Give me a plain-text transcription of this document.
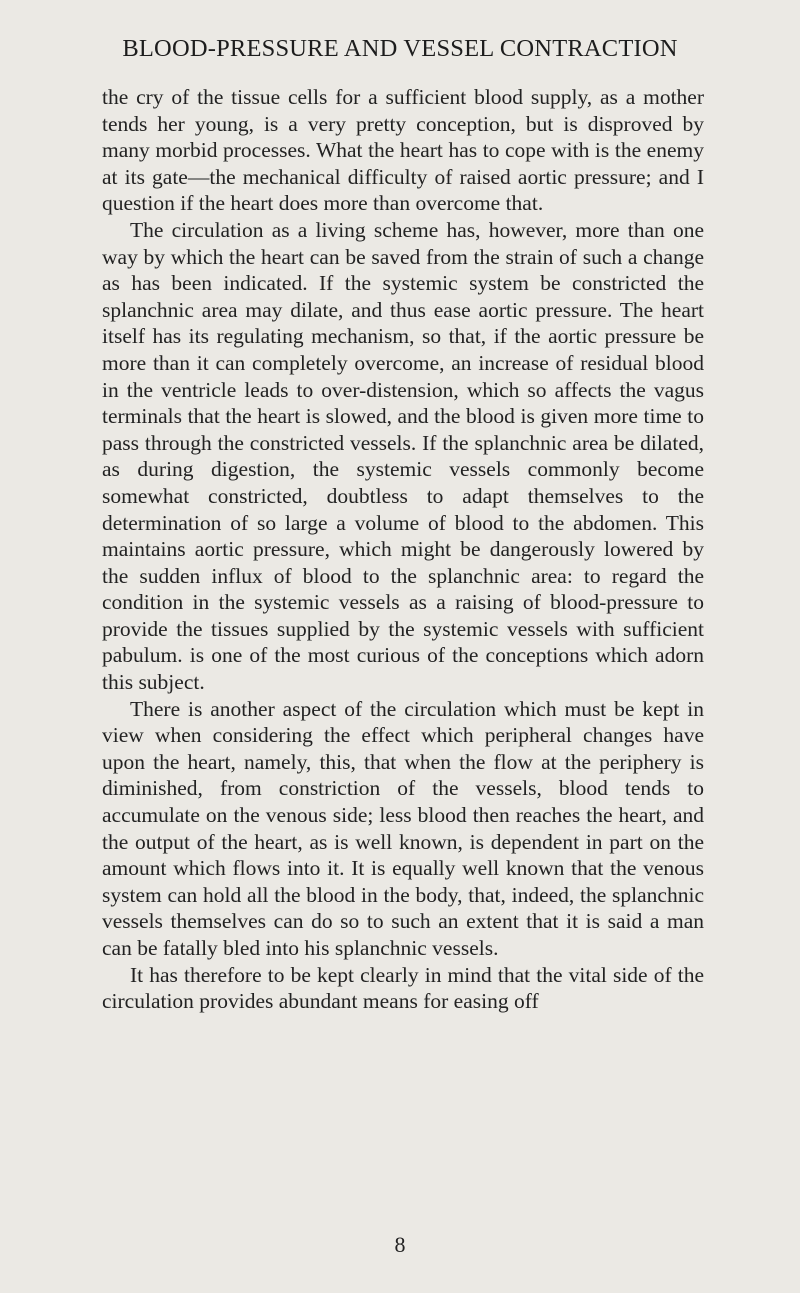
BLOOD-PRESSURE AND VESSEL CONTRACTION

the cry of the tissue cells for a sufficient blood supply, as a mother tends her young, is a very pretty conception, but is disproved by many morbid processes. What the heart has to cope with is the enemy at its gate—the mechanical difficulty of raised aortic pressure; and I question if the heart does more than overcome that.

The circulation as a living scheme has, however, more than one way by which the heart can be saved from the strain of such a change as has been indicated. If the systemic system be constricted the splanchnic area may dilate, and thus ease aortic pressure. The heart itself has its regulating mechanism, so that, if the aortic pressure be more than it can completely overcome, an increase of residual blood in the ventricle leads to over-distension, which so affects the vagus terminals that the heart is slowed, and the blood is given more time to pass through the constricted vessels. If the splanchnic area be dilated, as during digestion, the systemic vessels commonly become somewhat constricted, doubtless to adapt themselves to the determination of so large a volume of blood to the abdomen. This maintains aortic pressure, which might be dangerously lowered by the sudden influx of blood to the splanchnic area: to regard the condition in the systemic vessels as a raising of blood-pressure to provide the tissues supplied by the systemic vessels with sufficient pabulum. is one of the most curious of the conceptions which adorn this subject.

There is another aspect of the circulation which must be kept in view when considering the effect which peripheral changes have upon the heart, namely, this, that when the flow at the periphery is diminished, from constriction of the vessels, blood tends to accumulate on the venous side; less blood then reaches the heart, and the output of the heart, as is well known, is dependent in part on the amount which flows into it. It is equally well known that the venous system can hold all the blood in the body, that, indeed, the splanchnic vessels themselves can do so to such an extent that it is said a man can be fatally bled into his splanchnic vessels.

It has therefore to be kept clearly in mind that the vital side of the circulation provides abundant means for easing off

8
